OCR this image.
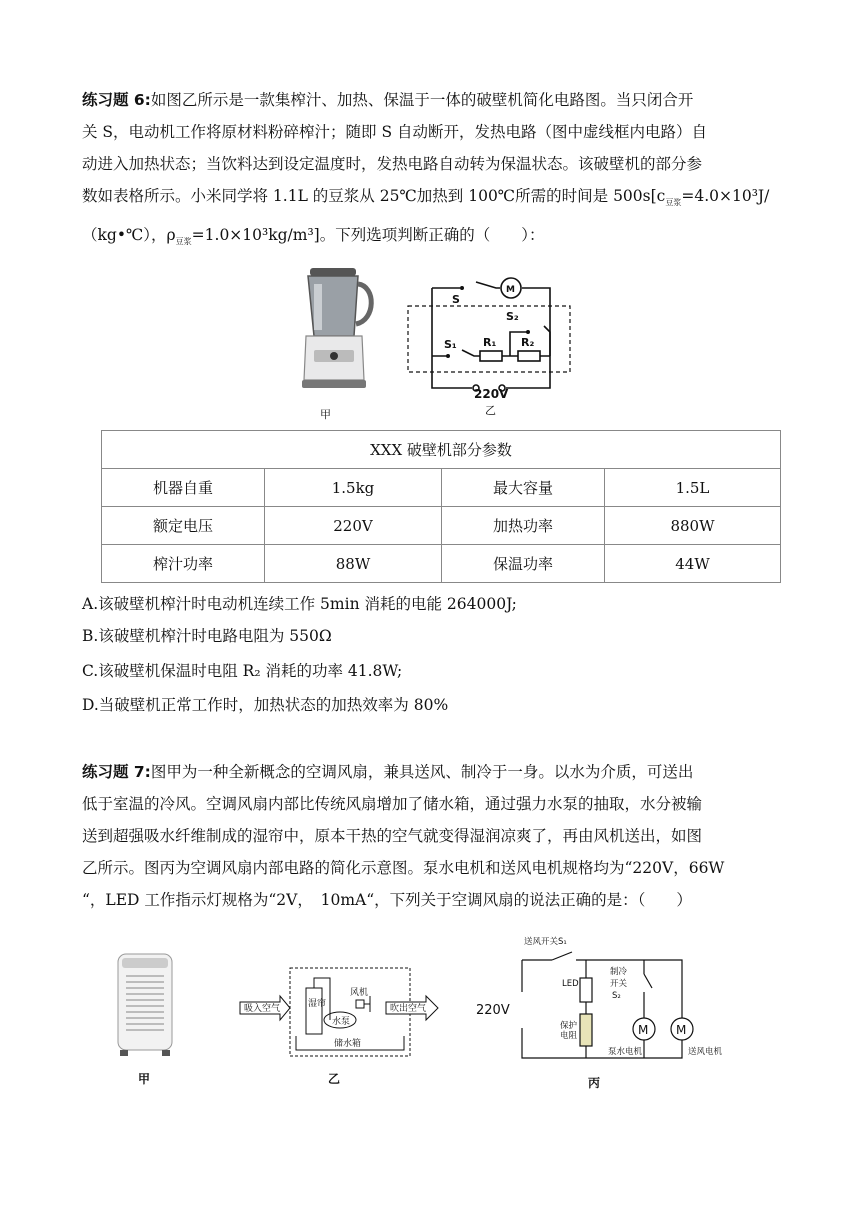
练习题 6:如图乙所示是一款集榨汁、加热、保温于一体的破壁机简化电路图。当只闭合开
关 S，电动机工作将原材料粉碎榨汁；随即 S 自动断开，发热电路（图中虚线框内电路）自
动进入加热状态；当饮料达到设定温度时，发热电路自动转为保温状态。该破壁机的部分参
数如表格所示。小米同学将 1.1L 的豆浆从 25℃加热到 100℃所需的时间是 $500s[c_{豆浆}=4.0\times 10^3J/$
（kg•℃），$\rho_{豆浆}=1.0\times 10^3kg/m^3$]。下列选项判断正确的（　　）：
甲
S
M
S₂
S₁ R₁ R₂
220V
乙
XXX 破壁机部分参数			
机器自重	1.5kg	最大容量	1.5L
额定电压	220V	加热功率	880W
榨汁功率	88W	保温功率	44W
A.该破壁机榨汁时电动机连续工作 5min 消耗的电能 264000J;
B.该破壁机榨汁时电路电阻为 550Ω
C.该破壁机保温时电阻 R₂ 消耗的功率 41.8W;
D.当破壁机正常工作时，加热状态的加热效率为 80%
练习题 7:图甲为一种全新概念的空调风扇，兼具送风、制冷于一身。以水为介质，可送出
低于室温的冷风。空调风扇内部比传统风扇增加了储水箱，通过强力水泵的抽取，水分被输
送到超强吸水纤维制成的湿帘中，原本干热的空气就变得湿润凉爽了，再由风机送出，如图
乙所示。图丙为空调风扇内部电路的简化示意图。泵水电机和送风电机规格均为“220V，66W
“，LED 工作指示灯规格为“2V，　10mA“，下列关于空调风扇的说法正确的是：（　　）
甲
吸入空气	吹出空气
湿帘
风机
水泵
储水箱
乙
送风开关S₁
220V
LED
制冷
开关
S₂
保护
电阻	M M
泵水电机	送风电机
丙
